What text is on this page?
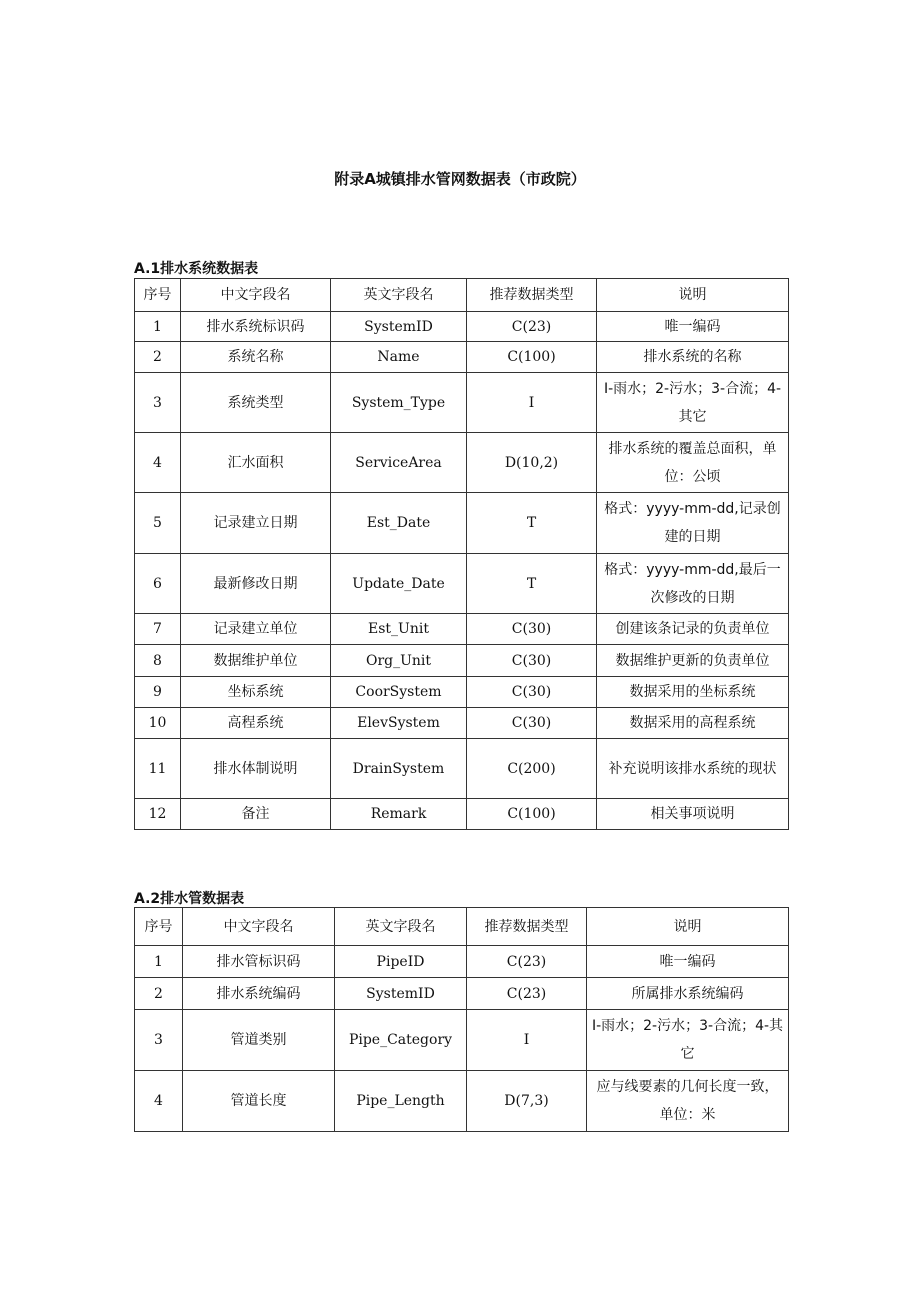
附录A城镇排水管网数据表（市政院）
A.1排水系统数据表
序号	中文字段名	英文字段名	推荐数据类型	说明
1	排水系统标识码	SystemID	C(23)	唯一编码
2	系统名称	Name	C(100)	排水系统的名称
3	系统类型	System_Type	I	I-雨水；2-污水；3-合流；4-其它
4	汇水面积	ServiceArea	D(10,2)	排水系统的覆盖总面积，单位：公顷
5	记录建立日期	Est_Date	T	格式：yyyy-mm-dd,记录创建的日期
6	最新修改日期	Update_Date	T	格式：yyyy-mm-dd,最后一次修改的日期
7	记录建立单位	Est_Unit	C(30)	创建该条记录的负责单位
8	数据维护单位	Org_Unit	C(30)	数据维护更新的负责单位
9	坐标系统	CoorSystem	C(30)	数据采用的坐标系统
10	高程系统	ElevSystem	C(30)	数据采用的高程系统
11	排水体制说明	DrainSystem	C(200)	补充说明该排水系统的现状
12	备注	Remark	C(100)	相关事项说明
A.2排水管数据表
序号	中文字段名	英文字段名	推荐数据类型	说明
1	排水管标识码	PipeID	C(23)	唯一编码
2	排水系统编码	SystemID	C(23)	所属排水系统编码
3	管道类别	Pipe_Category	I	I-雨水；2-污水；3-合流；4-其它
4	管道长度	Pipe_Length	D(7,3)	应与线要素的几何长度一致，单位：米
